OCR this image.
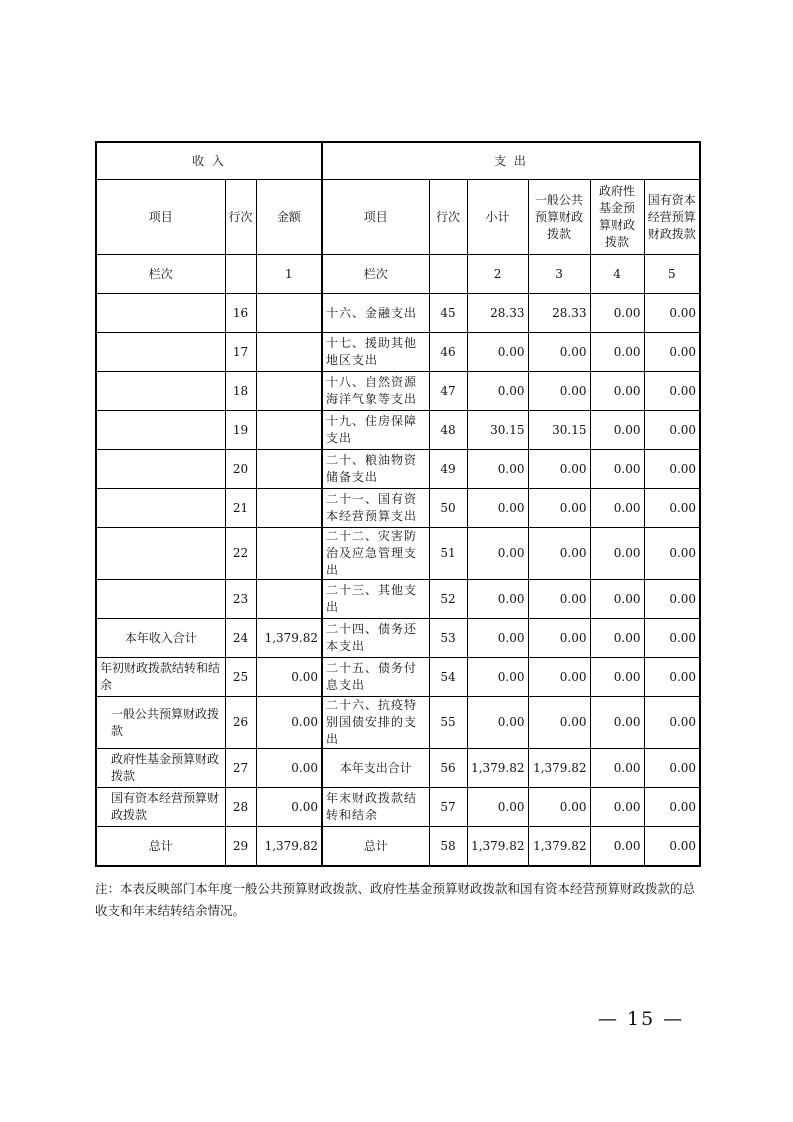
收 入			支 出					
项目	行次	金额	项目	行次	小计	一般公共预算财政拨款	政府性基金预算财政拨款	国有资本经营预算财政拨款
栏次		1	栏次		2	3	4	5
	16		十六、金融支出	45	28.33	28.33	0.00	0.00
	17		十七、援助其他地区支出	46	0.00	0.00	0.00	0.00
	18		十八、自然资源海洋气象等支出	47	0.00	0.00	0.00	0.00
	19		十九、住房保障支出	48	30.15	30.15	0.00	0.00
	20		二十、粮油物资储备支出	49	0.00	0.00	0.00	0.00
	21		二十一、国有资本经营预算支出	50	0.00	0.00	0.00	0.00
	22		二十二、灾害防治及应急管理支出	51	0.00	0.00	0.00	0.00
	23		二十三、其他支出	52	0.00	0.00	0.00	0.00
本年收入合计	24	1,379.82	二十四、债务还本支出	53	0.00	0.00	0.00	0.00
年初财政拨款结转和结余	25	0.00	二十五、债务付息支出	54	0.00	0.00	0.00	0.00
一般公共预算财政拨款	26	0.00	二十六、抗疫特别国债安排的支出	55	0.00	0.00	0.00	0.00
政府性基金预算财政拨款	27	0.00	本年支出合计	56	1,379.82	1,379.82	0.00	0.00
国有资本经营预算财政拨款	28	0.00	年末财政拨款结转和结余	57	0.00	0.00	0.00	0.00
总计	29	1,379.82	总计	58	1,379.82	1,379.82	0.00	0.00

注：本表反映部门本年度一般公共预算财政拨款、政府性基金预算财政拨款和国有资本经营预算财政拨款的总收支和年末结转结余情况。

— 15 —
